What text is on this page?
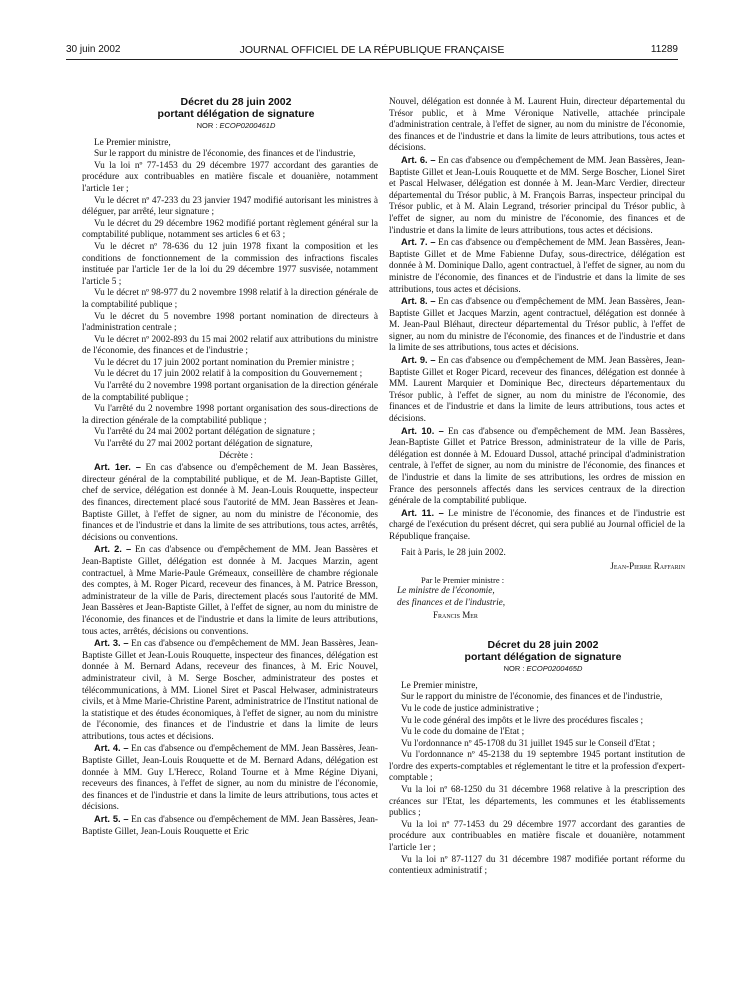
30 juin 2002	JOURNAL OFFICIEL DE LA RÉPUBLIQUE FRANÇAISE	11289

Décret du 28 juin 2002

portant délégation de signature

NOR : ECOP0200461D

Le Premier ministre,

Sur le rapport du ministre de l'économie, des finances et de l'industrie,

Vu la loi nº 77-1453 du 29 décembre 1977 accordant des garanties de procédure aux contribuables en matière fiscale et douanière, notamment l'article 1er ;

Vu le décret nº 47-233 du 23 janvier 1947 modifié autorisant les ministres à déléguer, par arrêté, leur signature ;

Vu le décret du 29 décembre 1962 modifié portant règlement général sur la comptabilité publique, notamment ses articles 6 et 63 ;

Vu le décret nº 78-636 du 12 juin 1978 fixant la composition et les conditions de fonctionnement de la commission des infractions fiscales instituée par l'article 1er de la loi du 29 décembre 1977 susvisée, notamment l'article 5 ;

Vu le décret nº 98-977 du 2 novembre 1998 relatif à la direction générale de la comptabilité publique ;

Vu le décret du 5 novembre 1998 portant nomination de directeurs à l'administration centrale ;

Vu le décret nº 2002-893 du 15 mai 2002 relatif aux attributions du ministre de l'économie, des finances et de l'industrie ;

Vu le décret du 17 juin 2002 portant nomination du Premier ministre ;

Vu le décret du 17 juin 2002 relatif à la composition du Gouvernement ;

Vu l'arrêté du 2 novembre 1998 portant organisation de la direction générale de la comptabilité publique ;

Vu l'arrêté du 2 novembre 1998 portant organisation des sous-directions de la direction générale de la comptabilité publique ;

Vu l'arrêté du 24 mai 2002 portant délégation de signature ;

Vu l'arrêté du 27 mai 2002 portant délégation de signature,

Décrète :

Art. 1er. – En cas d'absence ou d'empêchement de M. Jean Bassères, directeur général de la comptabilité publique, et de M. Jean-Baptiste Gillet, chef de service, délégation est donnée à M. Jean-Louis Rouquette, inspecteur des finances, directement placé sous l'autorité de MM. Jean Bassères et Jean-Baptiste Gillet, à l'effet de signer, au nom du ministre de l'économie, des finances et de l'industrie et dans la limite de ses attributions, tous actes, arrêtés, décisions ou conventions.

Art. 2. – En cas d'absence ou d'empêchement de MM. Jean Bassères et Jean-Baptiste Gillet, délégation est donnée à M. Jacques Marzin, agent contractuel, à Mme Marie-Paule Grémeaux, conseillère de chambre régionale des comptes, à M. Roger Picard, receveur des finances, à M. Patrice Bresson, administrateur de la ville de Paris, directement placés sous l'autorité de MM. Jean Bassères et Jean-Baptiste Gillet, à l'effet de signer, au nom du ministre de l'économie, des finances et de l'industrie et dans la limite de leurs attributions, tous actes, arrêtés, décisions ou conventions.

Art. 3. – En cas d'absence ou d'empêchement de MM. Jean Bassères, Jean-Baptiste Gillet et Jean-Louis Rouquette, inspecteur des finances, délégation est donnée à M. Bernard Adans, receveur des finances, à M. Eric Nouvel, administrateur civil, à M. Serge Boscher, administrateur des postes et télécommunications, à MM. Lionel Siret et Pascal Helwaser, administrateurs civils, et à Mme Marie-Christine Parent, administratrice de l'Institut national de la statistique et des études économiques, à l'effet de signer, au nom du ministre de l'économie, des finances et de l'industrie et dans la limite de leurs attributions, tous actes et décisions.

Art. 4. – En cas d'absence ou d'empêchement de MM. Jean Bassères, Jean-Baptiste Gillet, Jean-Louis Rouquette et de M. Bernard Adans, délégation est donnée à MM. Guy L'Herecc, Roland Tourne et à Mme Régine Diyani, receveurs des finances, à l'effet de signer, au nom du ministre de l'économie, des finances et de l'industrie et dans la limite de leurs attributions, tous actes et décisions.

Art. 5. – En cas d'absence ou d'empêchement de MM. Jean Bassères, Jean-Baptiste Gillet, Jean-Louis Rouquette et Eric

Nouvel, délégation est donnée à M. Laurent Huin, directeur départemental du Trésor public, et à Mme Véronique Nativelle, attachée principale d'administration centrale, à l'effet de signer, au nom du ministre de l'économie, des finances et de l'industrie et dans la limite de leurs attributions, tous actes et décisions.

Art. 6. – En cas d'absence ou d'empêchement de MM. Jean Bassères, Jean-Baptiste Gillet et Jean-Louis Rouquette et de MM. Serge Boscher, Lionel Siret et Pascal Helwaser, délégation est donnée à M. Jean-Marc Verdier, directeur départemental du Trésor public, à M. François Barras, inspecteur principal du Trésor public, et à M. Alain Legrand, trésorier principal du Trésor public, à l'effet de signer, au nom du ministre de l'économie, des finances et de l'industrie et dans la limite de leurs attributions, tous actes et décisions.

Art. 7. – En cas d'absence ou d'empêchement de MM. Jean Bassères, Jean-Baptiste Gillet et de Mme Fabienne Dufay, sous-directrice, délégation est donnée à M. Dominique Dallo, agent contractuel, à l'effet de signer, au nom du ministre de l'économie, des finances et de l'industrie et dans la limite de ses attributions, tous actes et décisions.

Art. 8. – En cas d'absence ou d'empêchement de MM. Jean Bassères, Jean-Baptiste Gillet et Jacques Marzin, agent contractuel, délégation est donnée à M. Jean-Paul Bléhaut, directeur départemental du Trésor public, à l'effet de signer, au nom du ministre de l'économie, des finances et de l'industrie et dans la limite de ses attributions, tous actes et décisions.

Art. 9. – En cas d'absence ou d'empêchement de MM. Jean Bassères, Jean-Baptiste Gillet et Roger Picard, receveur des finances, délégation est donnée à MM. Laurent Marquier et Dominique Bec, directeurs départementaux du Trésor public, à l'effet de signer, au nom du ministre de l'économie, des finances et de l'industrie et dans la limite de leurs attributions, tous actes et décisions.

Art. 10. – En cas d'absence ou d'empêchement de MM. Jean Bassères, Jean-Baptiste Gillet et Patrice Bresson, administrateur de la ville de Paris, délégation est donnée à M. Edouard Dussol, attaché principal d'administration centrale, à l'effet de signer, au nom du ministre de l'économie, des finances et de l'industrie et dans la limite de ses attributions, les ordres de mission en France des personnels affectés dans les services centraux de la direction générale de la comptabilité publique.

Art. 11. – Le ministre de l'économie, des finances et de l'industrie est chargé de l'exécution du présent décret, qui sera publié au Journal officiel de la République française.

Fait à Paris, le 28 juin 2002.

Jean-Pierre Raffarin

Par le Premier ministre :

Le ministre de l'économie,

des finances et de l'industrie,

Francis Mer

Décret du 28 juin 2002

portant délégation de signature

NOR : ECOP0200465D

Le Premier ministre,

Sur le rapport du ministre de l'économie, des finances et de l'industrie,

Vu le code de justice administrative ;

Vu le code général des impôts et le livre des procédures fiscales ;

Vu le code du domaine de l'Etat ;

Vu l'ordonnance nº 45-1708 du 31 juillet 1945 sur le Conseil d'Etat ;

Vu l'ordonnance nº 45-2138 du 19 septembre 1945 portant institution de l'ordre des experts-comptables et réglementant le titre et la profession d'expert-comptable ;

Vu la loi nº 68-1250 du 31 décembre 1968 relative à la prescription des créances sur l'Etat, les départements, les communes et les établissements publics ;

Vu la loi nº 77-1453 du 29 décembre 1977 accordant des garanties de procédure aux contribuables en matière fiscale et douanière, notamment l'article 1er ;

Vu la loi nº 87-1127 du 31 décembre 1987 modifiée portant réforme du contentieux administratif ;
